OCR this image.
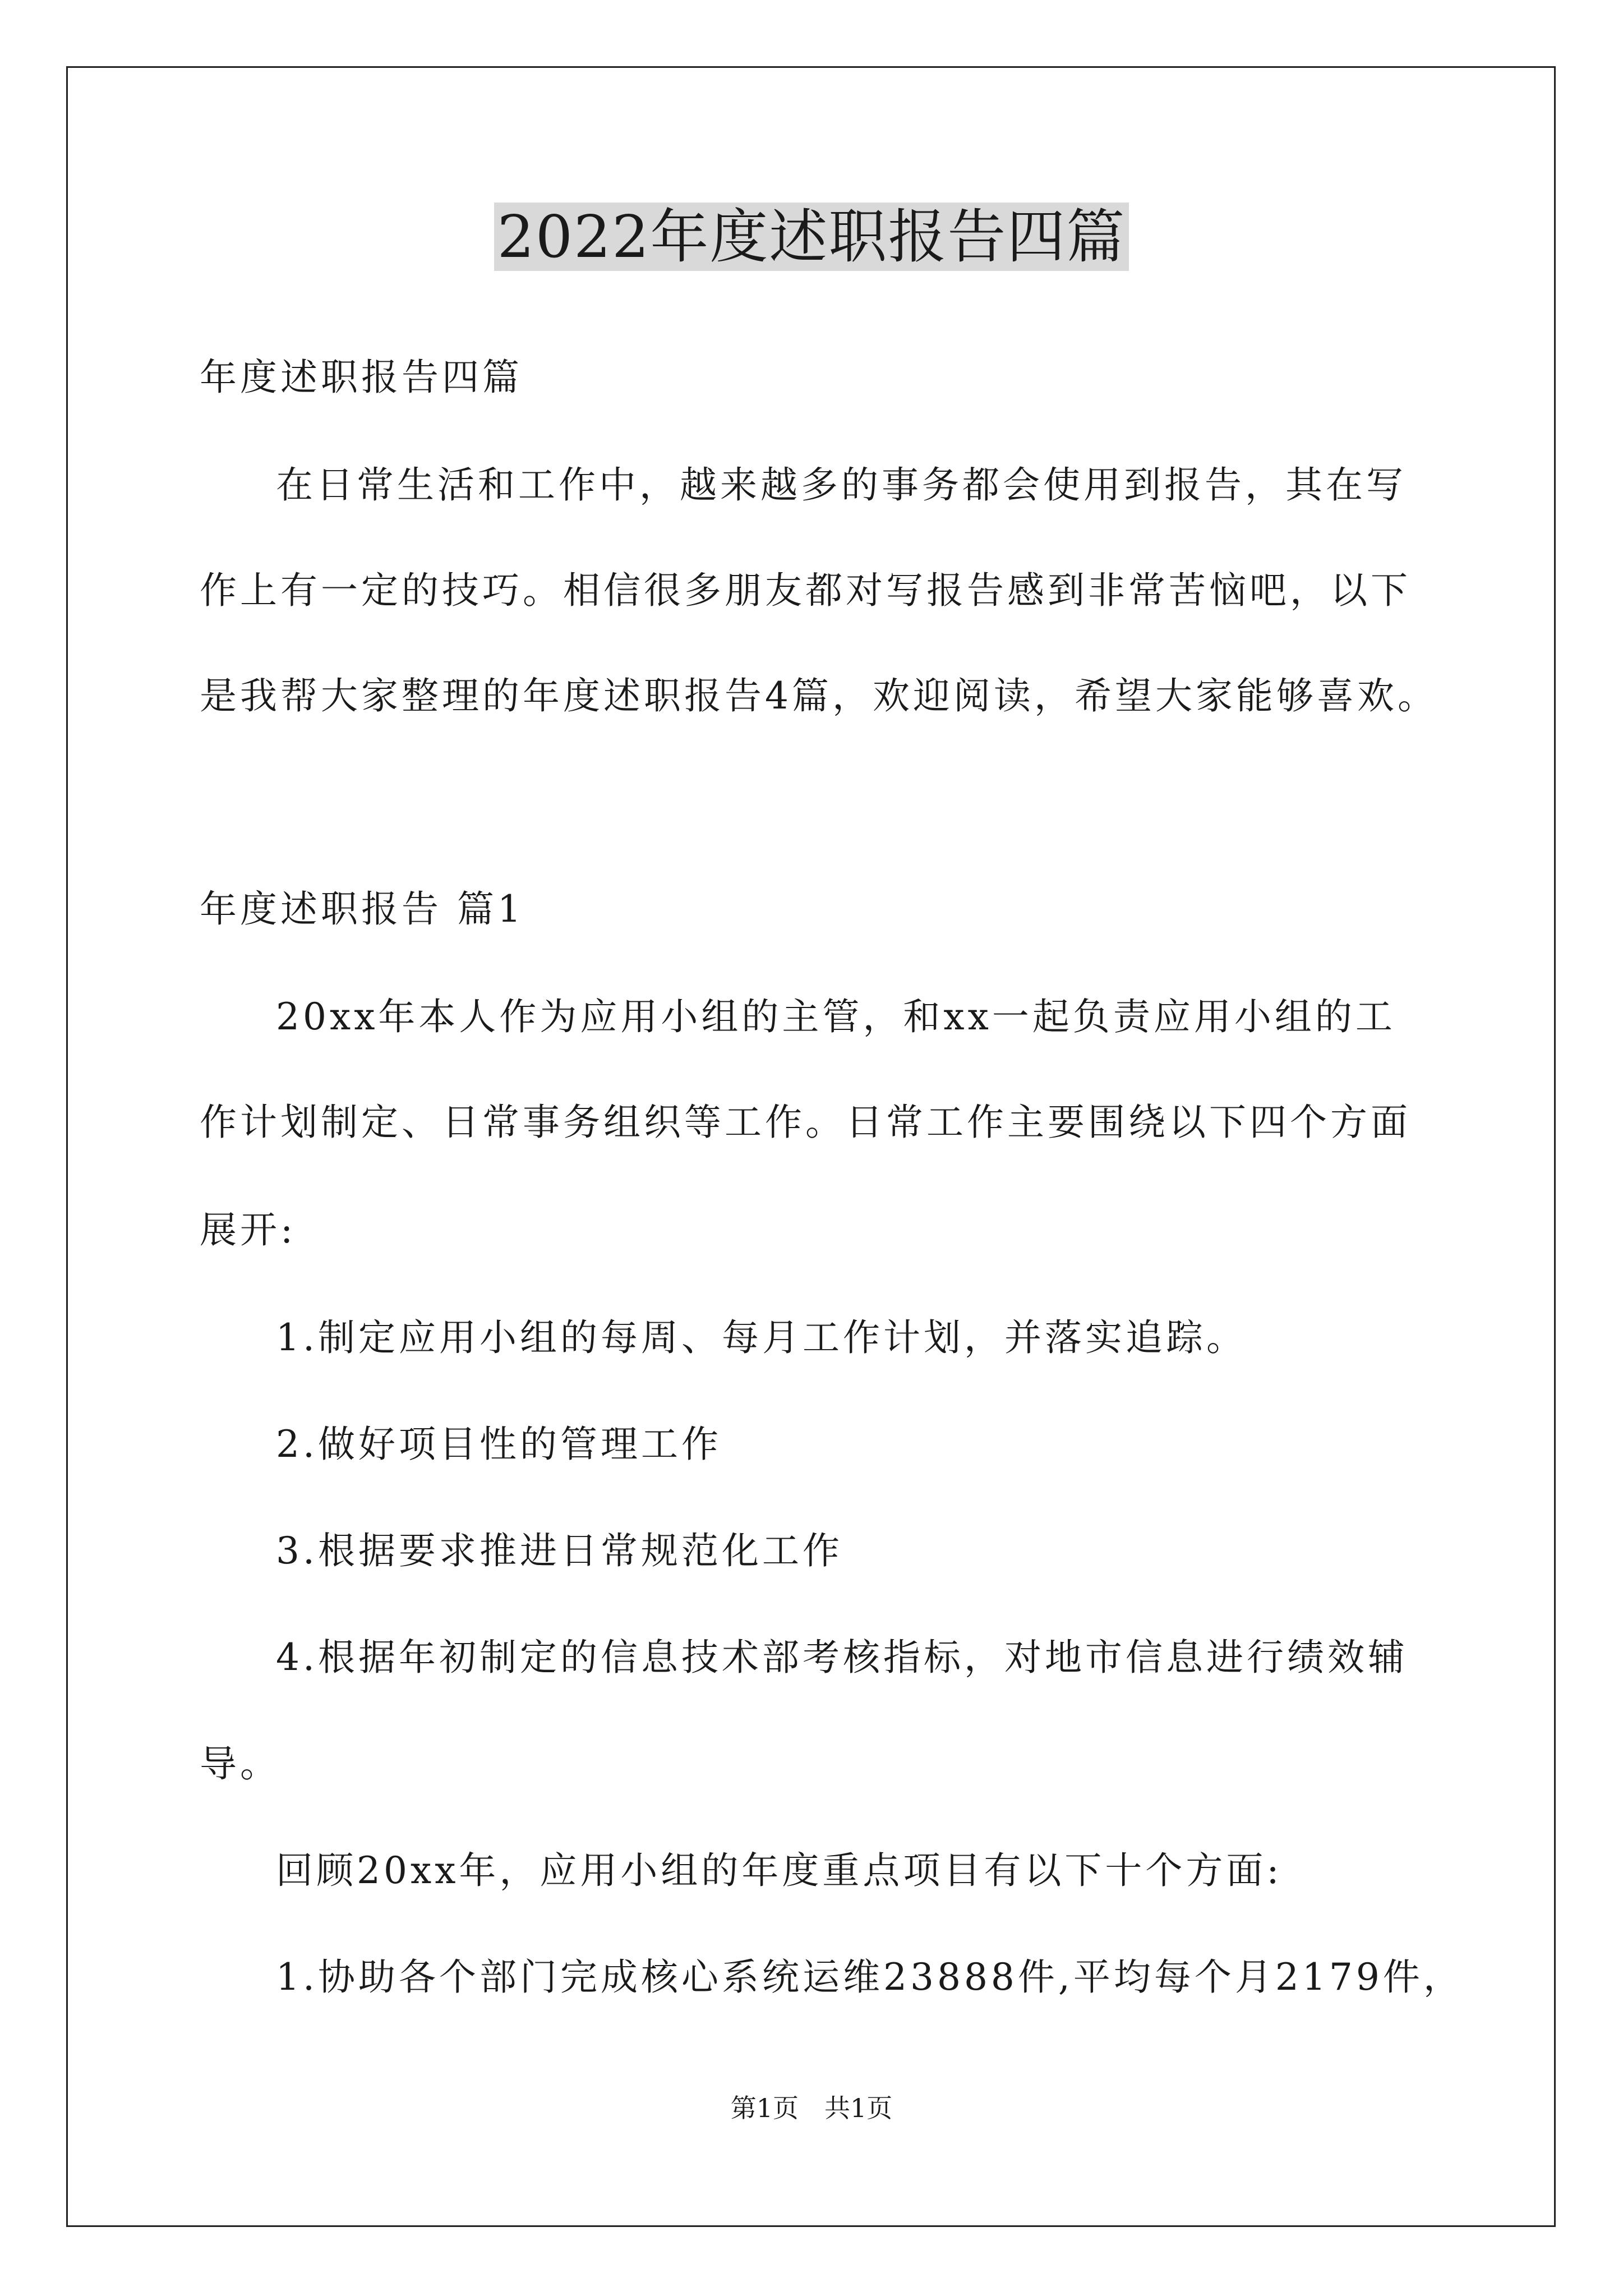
2022年度述职报告四篇
年度述职报告四篇
在日常生活和工作中，越来越多的事务都会使用到报告，其在写
作上有一定的技巧。相信很多朋友都对写报告感到非常苦恼吧，以下
是我帮大家整理的年度述职报告4篇，欢迎阅读，希望大家能够喜欢。
年度述职报告 篇1
20xx年本人作为应用小组的主管，和xx一起负责应用小组的工
作计划制定、日常事务组织等工作。日常工作主要围绕以下四个方面
展开:
1.制定应用小组的每周、每月工作计划，并落实追踪。
2.做好项目性的管理工作
3.根据要求推进日常规范化工作
4.根据年初制定的信息技术部考核指标，对地市信息进行绩效辅
导。
回顾20xx年，应用小组的年度重点项目有以下十个方面:
1.协助各个部门完成核心系统运维23888件,平均每个月2179件，
第1页　共1页
